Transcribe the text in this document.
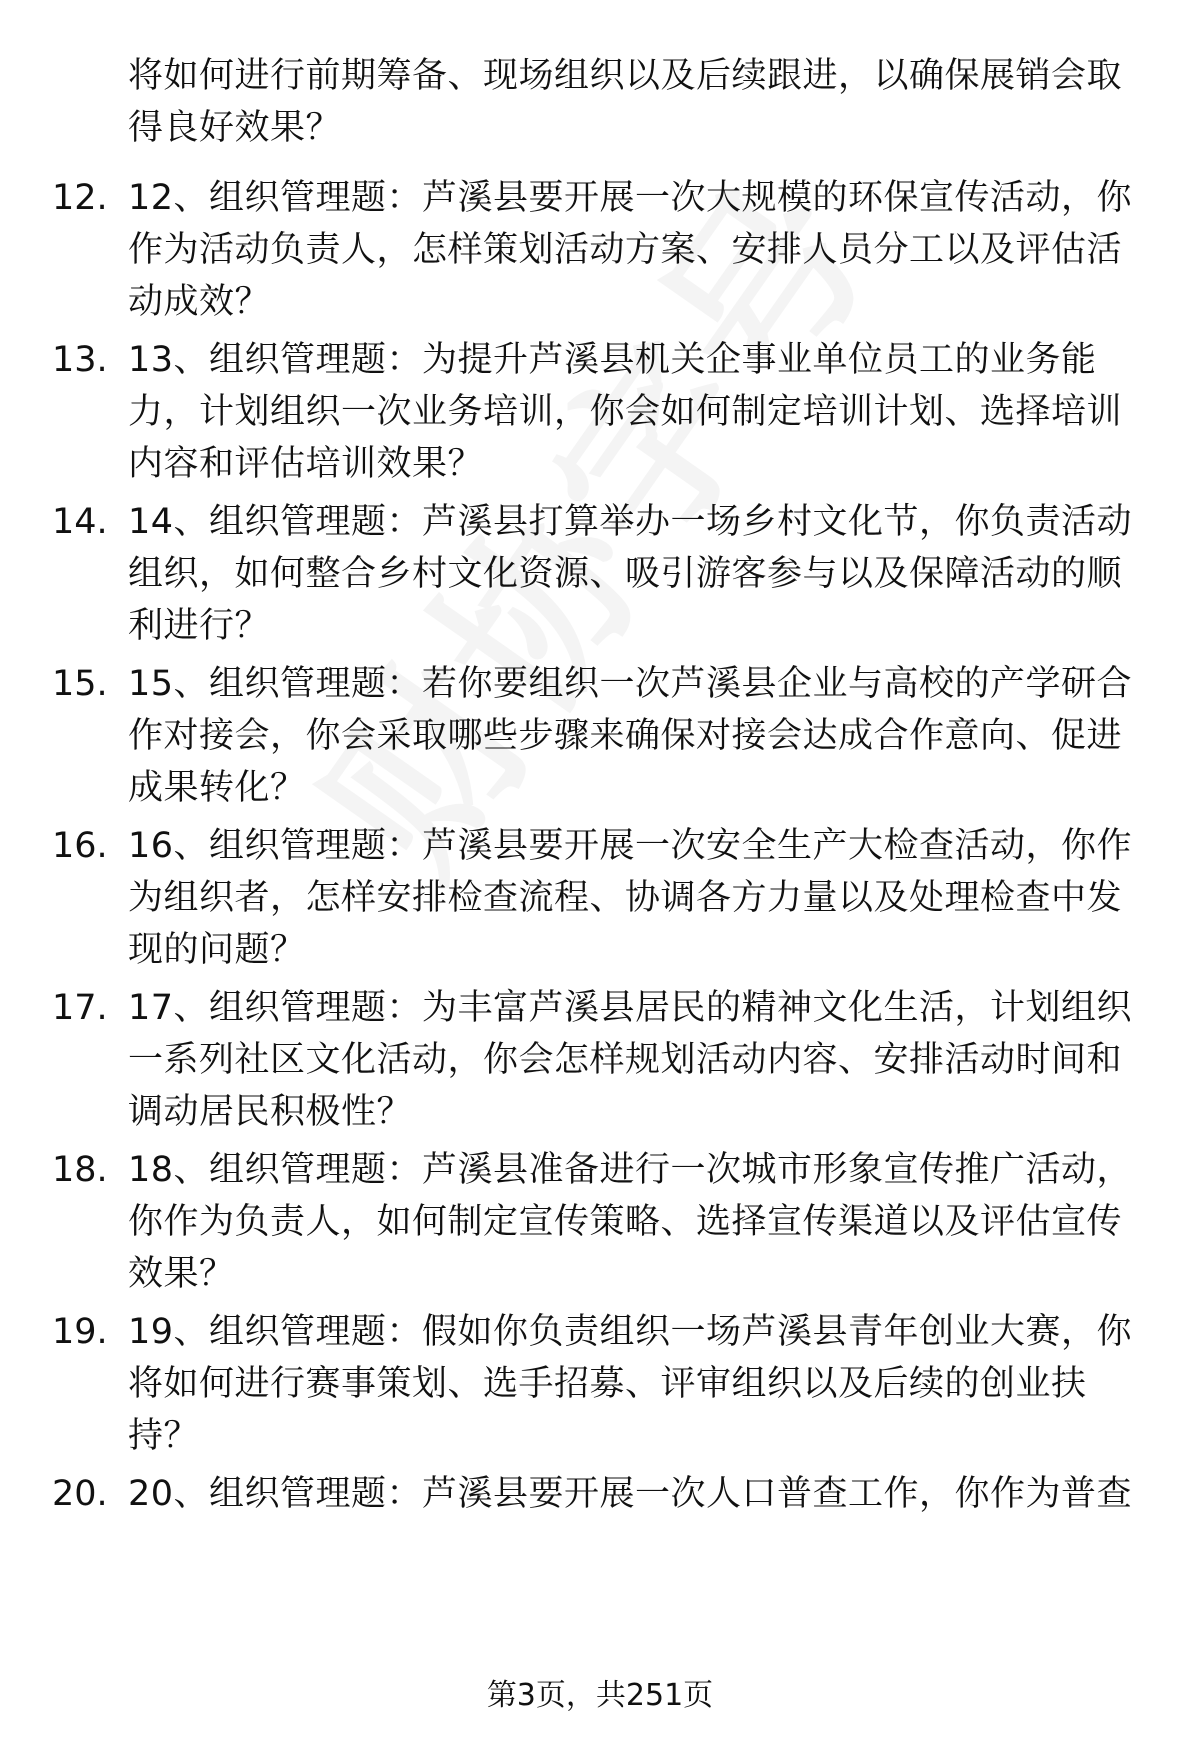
将如何进行前期筹备、现场组织以及后续跟进，以确保展销会取得良好效果？
12. 12、组织管理题：芦溪县要开展一次大规模的环保宣传活动，你作为活动负责人，怎样策划活动方案、安排人员分工以及评估活动成效？
13. 13、组织管理题：为提升芦溪县机关企事业单位员工的业务能力，计划组织一次业务培训，你会如何制定培训计划、选择培训内容和评估培训效果？
14. 14、组织管理题：芦溪县打算举办一场乡村文化节，你负责活动组织，如何整合乡村文化资源、吸引游客参与以及保障活动的顺利进行？
15. 15、组织管理题：若你要组织一次芦溪县企业与高校的产学研合作对接会，你会采取哪些步骤来确保对接会达成合作意向、促进成果转化？
16. 16、组织管理题：芦溪县要开展一次安全生产大检查活动，你作为组织者，怎样安排检查流程、协调各方力量以及处理检查中发现的问题？
17. 17、组织管理题：为丰富芦溪县居民的精神文化生活，计划组织一系列社区文化活动，你会怎样规划活动内容、安排活动时间和调动居民积极性？
18. 18、组织管理题：芦溪县准备进行一次城市形象宣传推广活动，你作为负责人，如何制定宣传策略、选择宣传渠道以及评估宣传效果？
19. 19、组织管理题：假如你负责组织一场芦溪县青年创业大赛，你将如何进行赛事策划、选手招募、评审组织以及后续的创业扶持？
20. 20、组织管理题：芦溪县要开展一次人口普查工作，你作为普查
第3页，共251页
